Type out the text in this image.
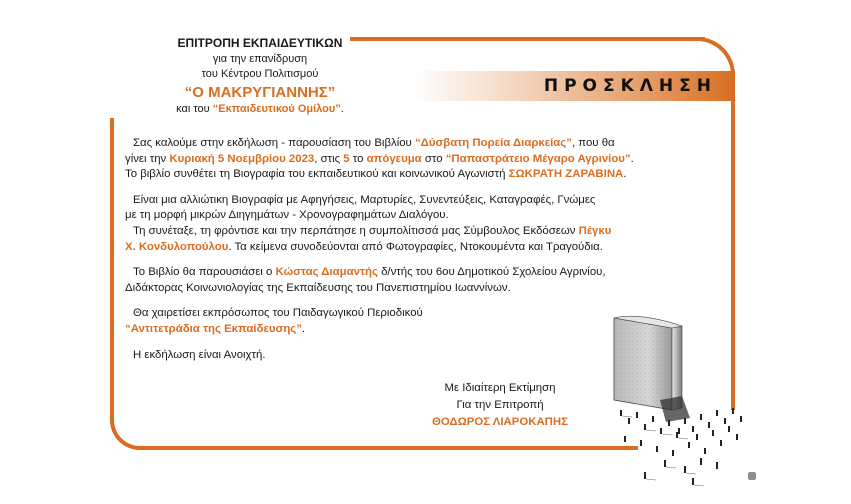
ΕΠΙΤΡΟΠΗ ΕΚΠΑΙΔΕΥΤΙΚΩΝ
για την επανίδρυση
του Κέντρου Πολιτισμού
“Ο ΜΑΚΡΥΓΙΑΝΝΗΣ”
και του “Εκπαιδευτικού Ομίλου”.
ΠΡΟΣΚΛΗΣΗ
Σας καλούμε στην εκδήλωση - παρουσίαση του Βιβλίου “Δύσβατη Πορεία Διαρκείας”, που θα
γίνει την Κυριακή 5 Νοεμβρίου 2023, στις 5 το απόγευμα στο “Παπαστράτειο Μέγαρο Αγρινίου”.
Το βιβλίο συνθέτει τη Βιογραφία του εκπαιδευτικού και κοινωνικού Αγωνιστή ΣΩΚΡΑΤΗ ΖΑΡΑΒΙΝΑ.
Είναι μια αλλιώτικη Βιογραφία με Αφηγήσεις, Μαρτυρίες, Συνεντεύξεις, Καταγραφές, Γνώμες
με τη μορφή μικρών Διηγημάτων - Χρονογραφημάτων Διαλόγου.
Τη συνέταξε, τη φρόντισε και την περπάτησε η συμπολίτισσά μας Σύμβουλος Εκδόσεων Πέγκυ
Χ. Κονδυλοπούλου. Τα κείμενα συνοδεύονται από Φωτογραφίες, Ντοκουμέντα και Τραγούδια.
Το Βιβλίο θα παρουσιάσει ο Κώστας Διαμαντής δ/ντής του 6ου Δημοτικού Σχολείου Αγρινίου,
Διδάκτορας Κοινωνιολογίας της Εκπαίδευσης του Πανεπιστημίου Ιωαννίνων.
Θα χαιρετίσει εκπρόσωπος του Παιδαγωγικού Περιοδικού
“Αντιτετράδια της Εκπαίδευσης”.
Η εκδήλωση είναι Ανοιχτή.
Με Ιδιαίτερη Εκτίμηση
Για την Επιτροπή
ΘΟΔΩΡΟΣ ΛΙΑΡΟΚΑΠΗΣ
